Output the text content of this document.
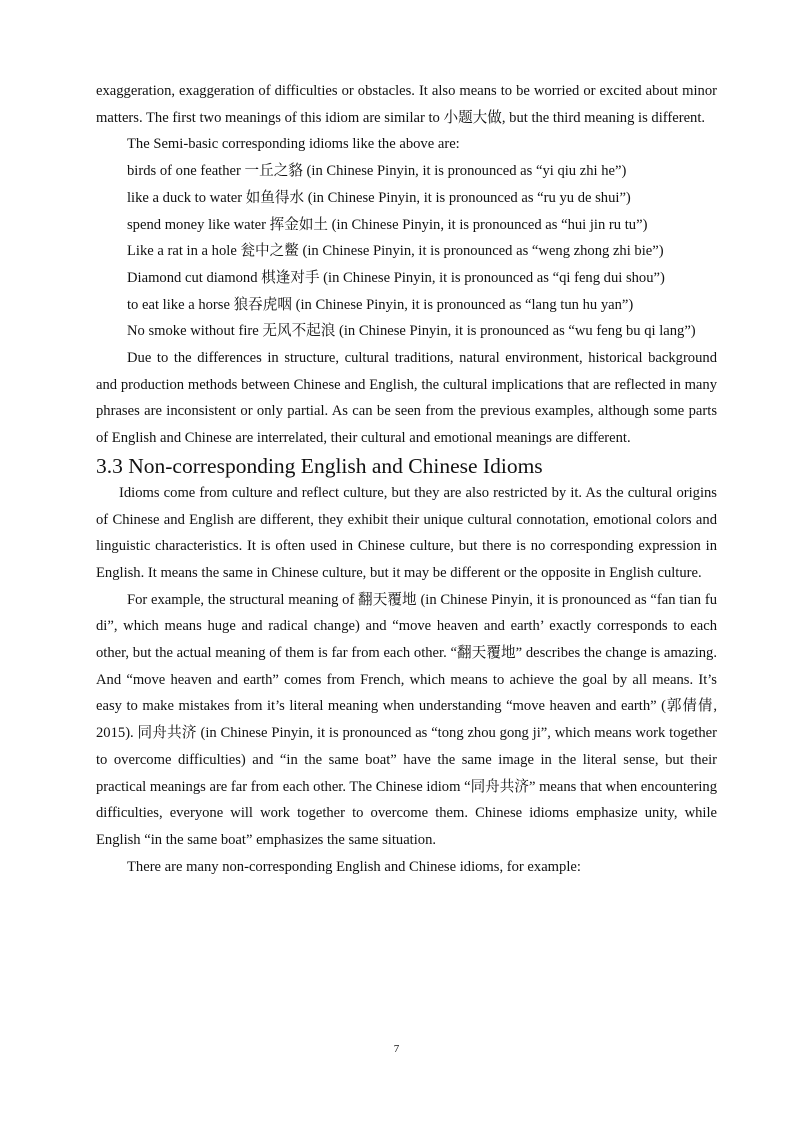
exaggeration, exaggeration of difficulties or obstacles. It also means to be worried or excited about minor matters. The first two meanings of this idiom are similar to 小题大做, but the third meaning is different.

The Semi-basic corresponding idioms like the above are:

birds of one feather 一丘之貉 (in Chinese Pinyin, it is pronounced as “yi qiu zhi he”)

like a duck to water 如鱼得水 (in Chinese Pinyin, it is pronounced as “ru yu de shui”)

spend money like water 挥金如土 (in Chinese Pinyin, it is pronounced as “hui jin ru tu”)

Like a rat in a hole 瓮中之鳖 (in Chinese Pinyin, it is pronounced as “weng zhong zhi bie”)

Diamond cut diamond 棋逢对手 (in Chinese Pinyin, it is pronounced as “qi feng dui shou”)

to eat like a horse 狼吞虎咽 (in Chinese Pinyin, it is pronounced as “lang tun hu yan”)

No smoke without fire 无风不起浪 (in Chinese Pinyin, it is pronounced as “wu feng bu qi lang”)

Due to the differences in structure, cultural traditions, natural environment, historical background and production methods between Chinese and English, the cultural implications that are reflected in many phrases are inconsistent or only partial. As can be seen from the previous examples, although some parts of English and Chinese are interrelated, their cultural and emotional meanings are different.

3.3 Non-corresponding English and Chinese Idioms

Idioms come from culture and reflect culture, but they are also restricted by it. As the cultural origins of Chinese and English are different, they exhibit their unique cultural connotation, emotional colors and linguistic characteristics. It is often used in Chinese culture, but there is no corresponding expression in English. It means the same in Chinese culture, but it may be different or the opposite in English culture.

For example, the structural meaning of 翻天覆地 (in Chinese Pinyin, it is pronounced as “fan tian fu di”, which means huge and radical change) and “move heaven and earth’ exactly corresponds to each other, but the actual meaning of them is far from each other. “翻天覆地” describes the change is amazing. And “move heaven and earth” comes from French, which means to achieve the goal by all means. It’s easy to make mistakes from it’s literal meaning when understanding “move heaven and earth” (郭倩倩, 2015). 同舟共济 (in Chinese Pinyin, it is pronounced as “tong zhou gong ji”, which means work together to overcome difficulties) and “in the same boat” have the same image in the literal sense, but their practical meanings are far from each other. The Chinese idiom “同舟共济” means that when encountering difficulties, everyone will work together to overcome them. Chinese idioms emphasize unity, while English “in the same boat” emphasizes the same situation.

There are many non-corresponding English and Chinese idioms, for example:

7
